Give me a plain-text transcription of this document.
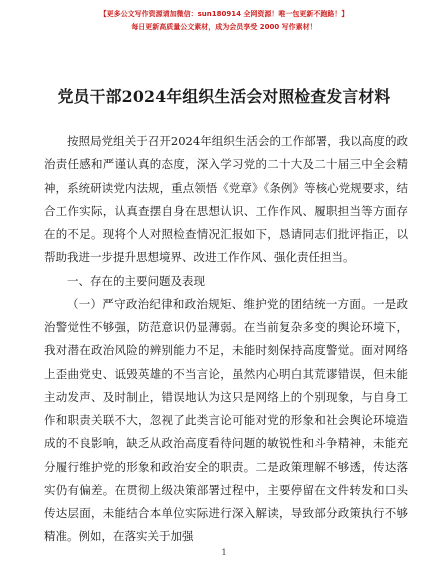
【更多公文写作资源请加微信：sun180914 全网资源！唯一包更新不跑路！】
每日更新高质量公文素材，成为会员享受 2000 写作素材！
党员干部2024年组织生活会对照检查发言材料

按照局党组关于召开2024年组织生活会的工作部署，我以高度的政治责任感和严谨认真的态度，深入学习党的二十大及二十届三中全会精神，系统研读党内法规，重点领悟《党章》《条例》等核心党规要求，结合工作实际，认真查摆自身在思想认识、工作作风、履职担当等方面存在的不足。现将个人对照检查情况汇报如下，恳请同志们批评指正，以帮助我进一步提升思想境界、改进工作作风、强化责任担当。

一、存在的主要问题及表现

（一）严守政治纪律和政治规矩、维护党的团结统一方面。一是政治警觉性不够强，防范意识仍显薄弱。在当前复杂多变的舆论环境下，我对潜在政治风险的辨别能力不足，未能时刻保持高度警觉。面对网络上歪曲党史、诋毁英雄的不当言论，虽然内心明白其荒谬错误，但未能主动发声、及时制止，错误地认为这只是网络上的个别现象，与自身工作和职责关联不大，忽视了此类言论可能对党的形象和社会舆论环境造成的不良影响，缺乏从政治高度看待问题的敏锐性和斗争精神，未能充分履行维护党的形象和政治安全的职责。二是政策理解不够透，传达落实仍有偏差。在贯彻上级决策部署过程中，主要停留在文件转发和口头传达层面，未能结合本单位实际进行深入解读，导致部分政策执行不够精准。例如，在落实关于加强

1
